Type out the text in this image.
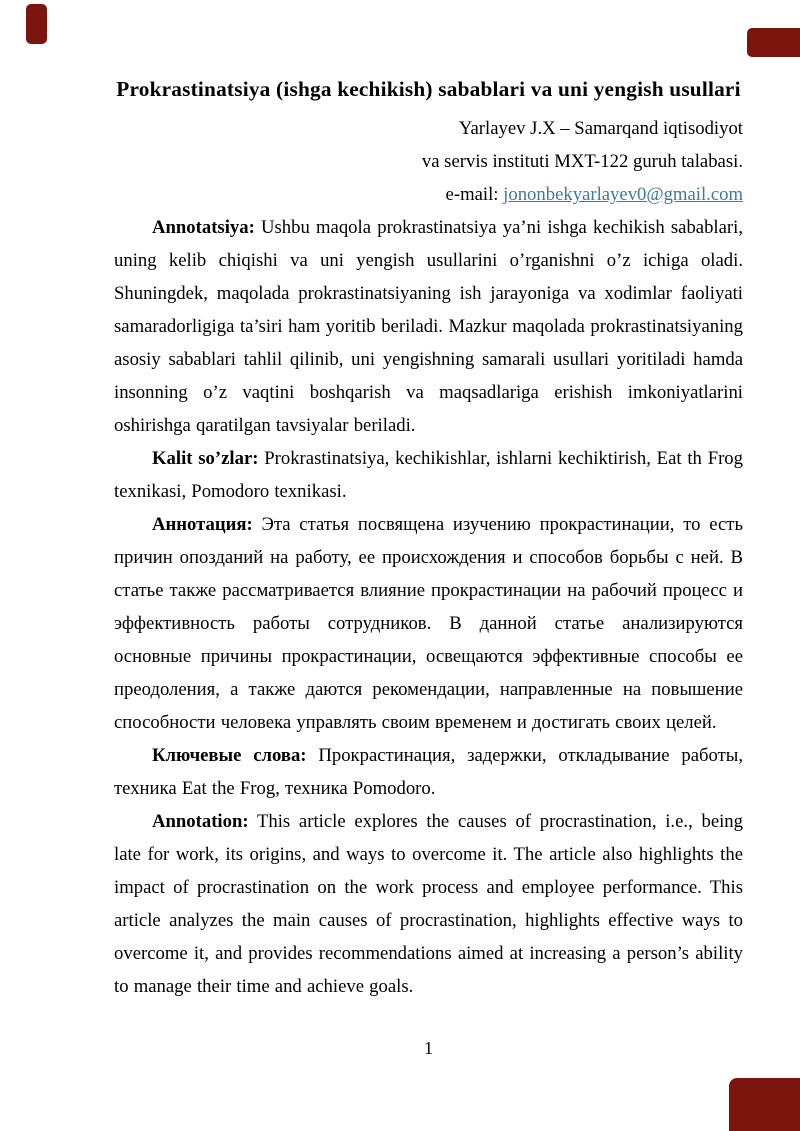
Prokrastinatsiya (ishga kechikish) sabablari va uni yengish usullari
Yarlayev J.X – Samarqand iqtisodiyot
va servis instituti MXT-122 guruh talabasi.
e-mail: jononbekyarlayev0@gmail.com

Annotatsiya: Ushbu maqola prokrastinatsiya ya’ni ishga kechikish sabablari, uning kelib chiqishi va uni yengish usullarini o’rganishni o’z ichiga oladi. Shuningdek, maqolada prokrastinatsiyaning ish jarayoniga va xodimlar faoliyati samaradorligiga ta’siri ham yoritib beriladi. Mazkur maqolada prokrastinatsiyaning asosiy sabablari tahlil qilinib, uni yengishning samarali usullari yoritiladi hamda insonning o’z vaqtini boshqarish va maqsadlariga erishish imkoniyatlarini oshirishga qaratilgan tavsiyalar beriladi.

Kalit so’zlar: Prokrastinatsiya, kechikishlar, ishlarni kechiktirish, Eat th Frog texnikasi, Pomodoro texnikasi.

Аннотация: Эта статья посвящена изучению прокрастинации, то есть причин опозданий на работу, ее происхождения и способов борьбы с ней. В статье также рассматривается влияние прокрастинации на рабочий процесс и эффективность работы сотрудников. В данной статье анализируются основные причины прокрастинации, освещаются эффективные способы ее преодоления, а также даются рекомендации, направленные на повышение способности человека управлять своим временем и достигать своих целей.

Ключевые слова: Прокрастинация, задержки, откладывание работы, техника Eat the Frog, техника Pomodoro.

Annotation: This article explores the causes of procrastination, i.e., being late for work, its origins, and ways to overcome it. The article also highlights the impact of procrastination on the work process and employee performance. This article analyzes the main causes of procrastination, highlights effective ways to overcome it, and provides recommendations aimed at increasing a person’s ability to manage their time and achieve goals.

1
